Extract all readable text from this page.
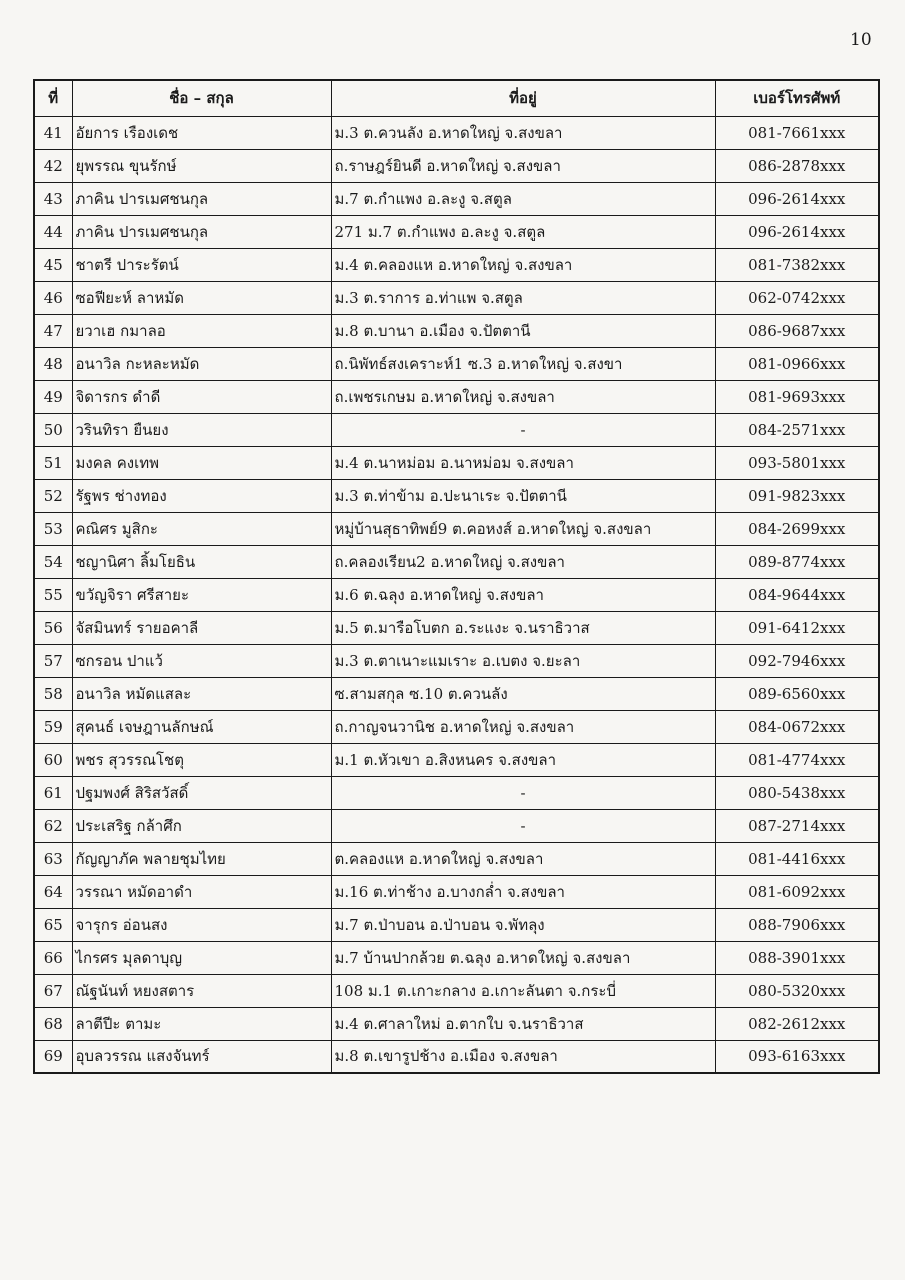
10
ที่	ชื่อ – สกุล	ที่อยู่	เบอร์โทรศัพท์
41	อัยการ เรืองเดช	ม.3 ต.ควนลัง อ.หาดใหญ่ จ.สงขลา	081-7661xxx
42	ยุพรรณ ขุนรักษ์	ถ.ราษฎร์ยินดี อ.หาดใหญ่ จ.สงขลา	086-2878xxx
43	ภาคิน ปารเมศชนกุล	ม.7 ต.กำแพง อ.ละงู จ.สตูล	096-2614xxx
44	ภาคิน ปารเมศชนกุล	271 ม.7 ต.กำแพง อ.ละงู จ.สตูล	096-2614xxx
45	ชาตรี ปาระรัตน์	ม.4 ต.คลองแห อ.หาดใหญ่ จ.สงขลา	081-7382xxx
46	ซอฟียะห์ ลาหมัด	ม.3 ต.ราการ อ.ท่าแพ จ.สตูล	062-0742xxx
47	ยวาเฮ กมาลอ	ม.8 ต.บานา อ.เมือง จ.ปัตตานี	086-9687xxx
48	อนาวิล กะหละหมัด	ถ.นิพัทธ์สงเคราะห์1 ซ.3 อ.หาดใหญ่ จ.สงขา	081-0966xxx
49	จิดารกร ดำดี	ถ.เพชรเกษม อ.หาดใหญ่ จ.สงขลา	081-9693xxx
50	วรินทิรา ยืนยง	-	084-2571xxx
51	มงคล คงเทพ	ม.4 ต.นาหม่อม อ.นาหม่อม จ.สงขลา	093-5801xxx
52	รัฐพร ช่างทอง	ม.3 ต.ท่าข้าม อ.ปะนาเระ จ.ปัตตานี	091-9823xxx
53	คณิศร มูสิกะ	หมู่บ้านสุธาทิพย์9 ต.คอหงส์ อ.หาดใหญ่ จ.สงขลา	084-2699xxx
54	ชญานิศา ลิ้มโยธิน	ถ.คลองเรียน2 อ.หาดใหญ่ จ.สงขลา	089-8774xxx
55	ขวัญจิรา ศรีสายะ	ม.6 ต.ฉลุง อ.หาดใหญ่ จ.สงขลา	084-9644xxx
56	จัสมินทร์ รายอคาลี	ม.5 ต.มารือโบตก อ.ระแงะ จ.นราธิวาส	091-6412xxx
57	ซกรอน ปาแว้	ม.3 ต.ตาเนาะแมเราะ อ.เบตง จ.ยะลา	092-7946xxx
58	อนาวิล หมัดแสละ	ซ.สามสกุล ซ.10 ต.ควนลัง	089-6560xxx
59	สุคนธ์ เจษฎานลักษณ์	ถ.กาญจนวานิช อ.หาดใหญ่ จ.สงขลา	084-0672xxx
60	พชร สุวรรณโชตุ	ม.1 ต.หัวเขา อ.สิงหนคร จ.สงขลา	081-4774xxx
61	ปฐมพงศ์ สิริสวัสดิ์	-	080-5438xxx
62	ประเสริฐ กล้าศึก	-	087-2714xxx
63	กัญญาภัค พลายชุมไทย	ต.คลองแห อ.หาดใหญ่ จ.สงขลา	081-4416xxx
64	วรรณา หมัดอาดำ	ม.16 ต.ท่าช้าง อ.บางกล่ำ จ.สงขลา	081-6092xxx
65	จารุกร อ่อนสง	ม.7 ต.ป่าบอน อ.ป่าบอน จ.พัทลุง	088-7906xxx
66	ไกรศร มุลดาบุญ	ม.7 บ้านปากล้วย ต.ฉลุง อ.หาดใหญ่ จ.สงขลา	088-3901xxx
67	ณัฐนันท์ หยงสตาร	108 ม.1 ต.เกาะกลาง อ.เกาะลันตา จ.กระบี่	080-5320xxx
68	ลาตีปีะ ตามะ	ม.4 ต.ศาลาใหม่ อ.ตากใบ จ.นราธิวาส	082-2612xxx
69	อุบลวรรณ แสงจันทร์	ม.8 ต.เขารูปช้าง อ.เมือง จ.สงขลา	093-6163xxx
